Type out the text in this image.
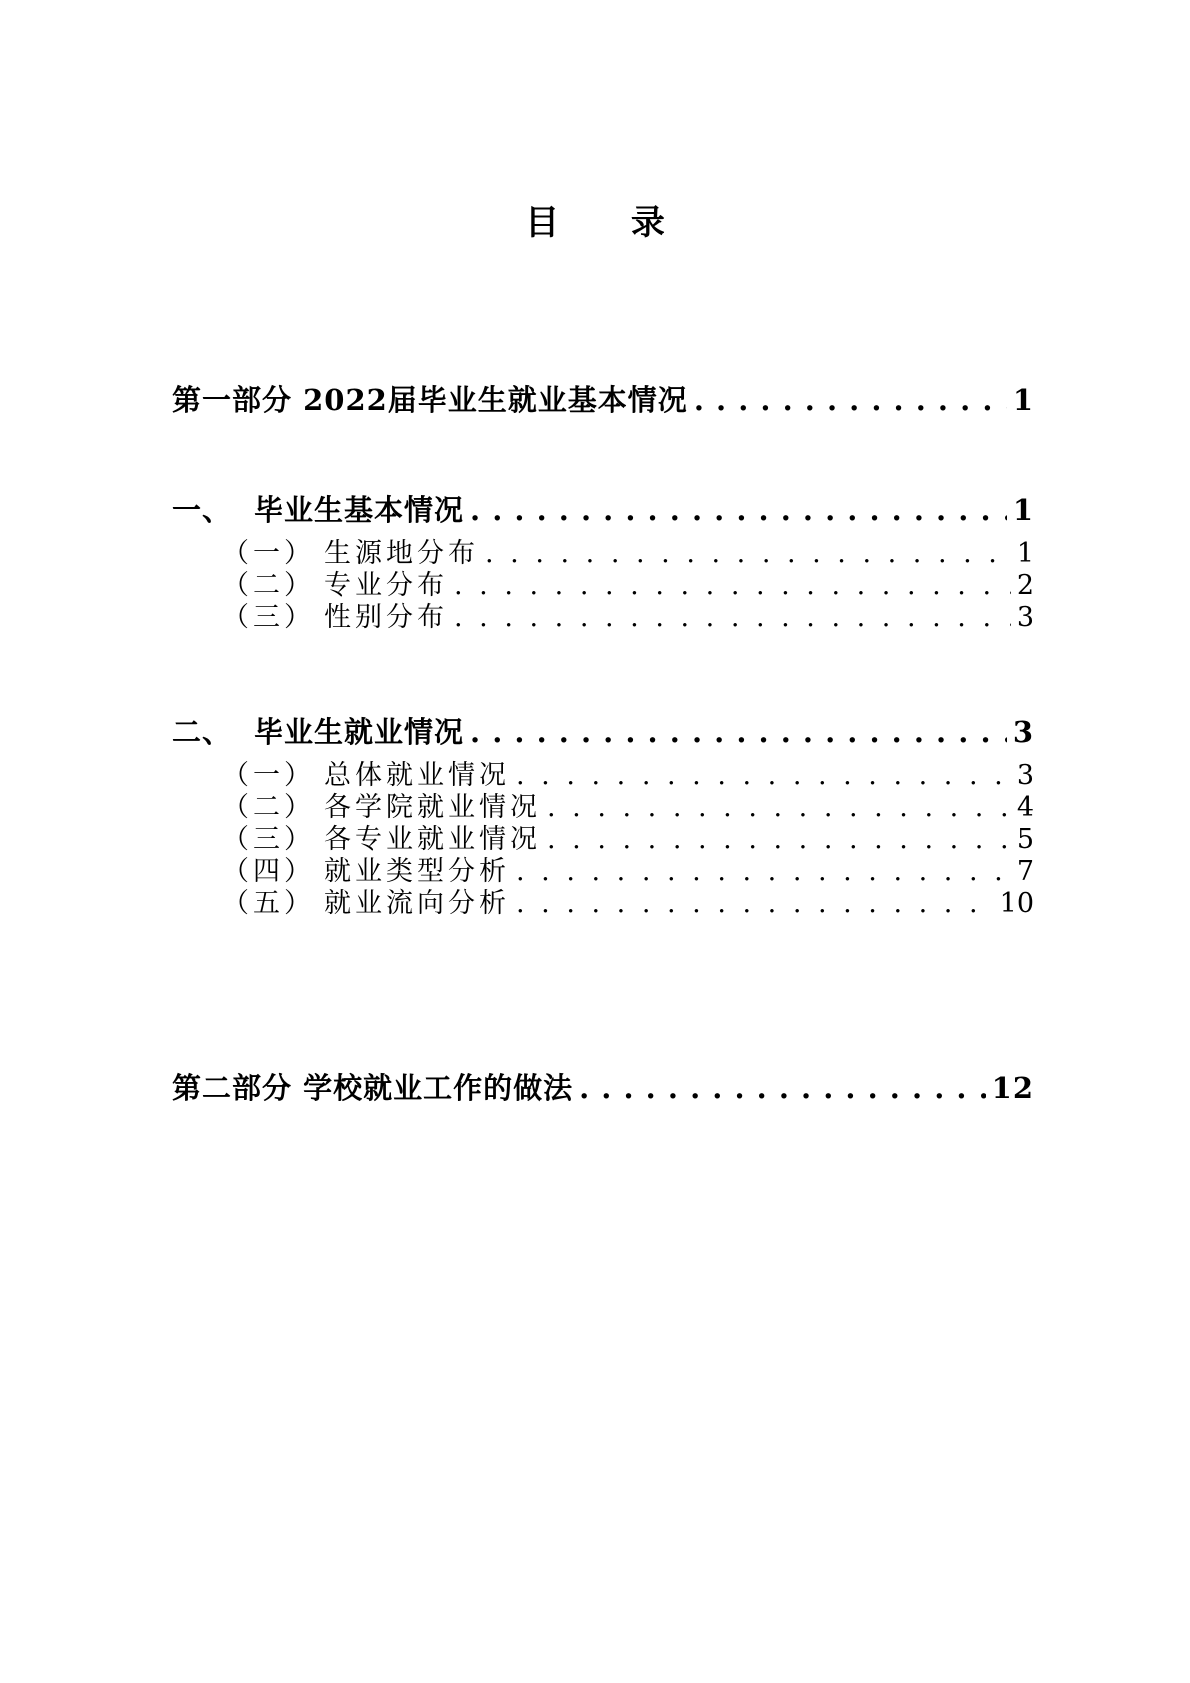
目 录
第一部分 2022届毕业生就业基本情况 . . .	1
一、 毕业生基本情况 . . .	1
（一） 生源地分布 . . .	1
（二） 专业分布 . . .	2
（三） 性别分布 . . .	3
二、 毕业生就业情况 . . .	3
（一） 总体就业情况 . . .	3
（二） 各学院就业情况 . . .	4
（三） 各专业就业情况 . . .	5
（四） 就业类型分析 . . .	7
（五） 就业流向分析 . . .	10
第二部分 学校就业工作的做法 . . .	12
